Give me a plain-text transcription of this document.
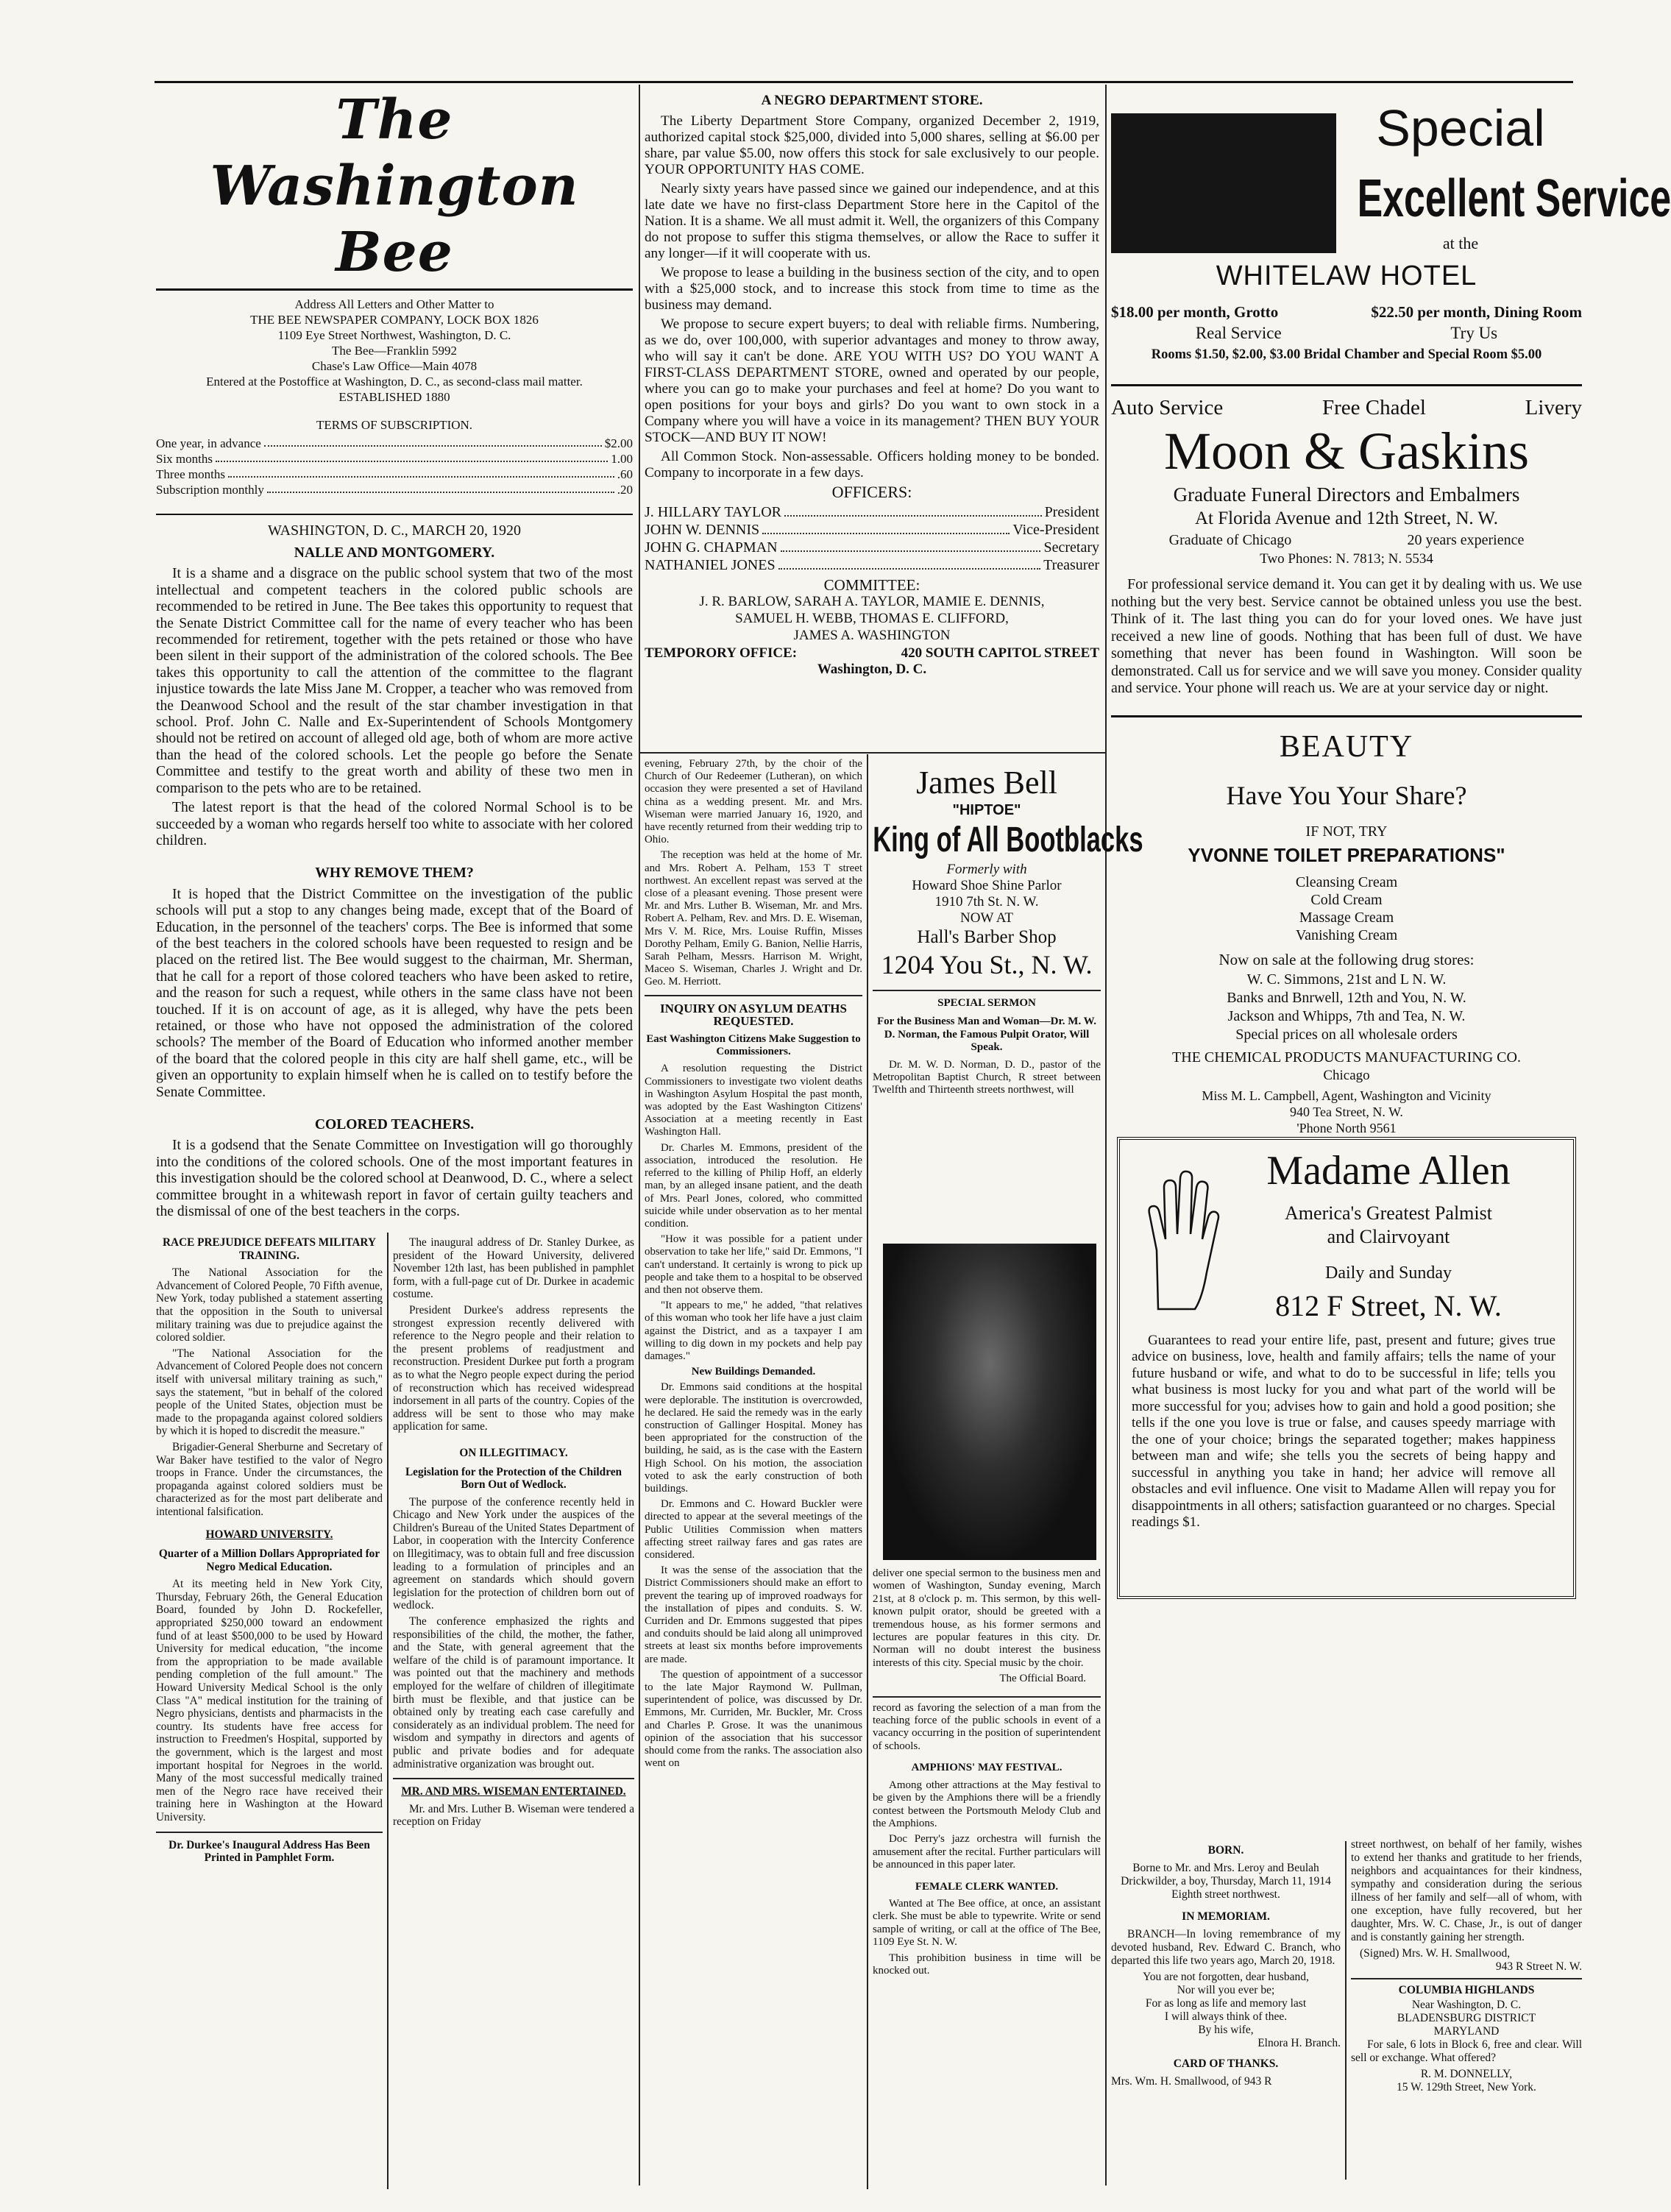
The Washington Bee
Address All Letters and Other Matter to
THE BEE NEWSPAPER COMPANY, LOCK BOX 1826
1109 Eye Street Northwest, Washington, D. C.
The Bee—Franklin 5992
Chase's Law Office—Main 4078
Entered at the Postoffice at Washington, D. C., as second-class mail matter.
ESTABLISHED 1880
TERMS OF SUBSCRIPTION.
One year, in advance	$2.00
Six months	1.00
Three months	.60
Subscription monthly	.20
WASHINGTON, D. C., MARCH 20, 1920
NALLE AND MONTGOMERY.

It is a shame and a disgrace on the public school system that two of the most intellectual and competent teachers in the colored public schools are recommended to be retired in June. The Bee takes this opportunity to request that the Senate District Committee call for the name of every teacher who has been recommended for retirement, together with the pets retained or those who have been silent in their support of the administration of the colored schools. The Bee takes this opportunity to call the attention of the committee to the flagrant injustice towards the late Miss Jane M. Cropper, a teacher who was removed from the Deanwood School and the result of the star chamber investigation in that school. Prof. John C. Nalle and Ex-Superintendent of Schools Montgomery should not be retired on account of alleged old age, both of whom are more active than the head of the colored schools. Let the people go before the Senate Committee and testify to the great worth and ability of these two men in comparison to the pets who are to be retained.

The latest report is that the head of the colored Normal School is to be succeeded by a woman who regards herself too white to associate with her colored children.

WHY REMOVE THEM?

It is hoped that the District Committee on the investigation of the public schools will put a stop to any changes being made, except that of the Board of Education, in the personnel of the teachers' corps. The Bee is informed that some of the best teachers in the colored schools have been requested to resign and be placed on the retired list. The Bee would suggest to the chairman, Mr. Sherman, that he call for a report of those colored teachers who have been asked to retire, and the reason for such a request, while others in the same class have not been touched. If it is on account of age, as it is alleged, why have the pets been retained, or those who have not opposed the administration of the colored schools? The member of the Board of Education who informed another member of the board that the colored people in this city are half shell game, etc., will be given an opportunity to explain himself when he is called on to testify before the Senate Committee.

COLORED TEACHERS.

It is a godsend that the Senate Committee on Investigation will go thoroughly into the conditions of the colored schools. One of the most important features in this investigation should be the colored school at Deanwood, D. C., where a select committee brought in a whitewash report in favor of certain guilty teachers and the dismissal of one of the best teachers in the corps.

RACE PREJUDICE DEFEATS MILITARY TRAINING.

The National Association for the Advancement of Colored People, 70 Fifth avenue, New York, today published a statement asserting that the opposition in the South to universal military training was due to prejudice against the colored soldier.

"The National Association for the Advancement of Colored People does not concern itself with universal military training as such," says the statement, "but in behalf of the colored people of the United States, objection must be made to the propaganda against colored soldiers by which it is hoped to discredit the measure."

Brigadier-General Sherburne and Secretary of War Baker have testified to the valor of Negro troops in France. Under the circumstances, the propaganda against colored soldiers must be characterized as for the most part deliberate and intentional falsification.

HOWARD UNIVERSITY.
Quarter of a Million Dollars Appropriated for Negro Medical Education.

At its meeting held in New York City, Thursday, February 26th, the General Education Board, founded by John D. Rockefeller, appropriated $250,000 toward an endowment fund of at least $500,000 to be used by Howard University for medical education, "the income from the appropriation to be made available pending completion of the full amount." The Howard University Medical School is the only Class "A" medical institution for the training of Negro physicians, dentists and pharmacists in the country. Its students have free access for instruction to Freedmen's Hospital, supported by the government, which is the largest and most important hospital for Negroes in the world. Many of the most successful medically trained men of the Negro race have received their training here in Washington at the Howard University.

Dr. Durkee's Inaugural Address Has Been Printed in Pamphlet Form.

The inaugural address of Dr. Stanley Durkee, as president of the Howard University, delivered November 12th last, has been published in pamphlet form, with a full-page cut of Dr. Durkee in academic costume.

President Durkee's address represents the strongest expression recently delivered with reference to the Negro people and their relation to the present problems of readjustment and reconstruction. President Durkee put forth a program as to what the Negro people expect during the period of reconstruction which has received widespread indorsement in all parts of the country. Copies of the address will be sent to those who may make application for same.

ON ILLEGITIMACY.
Legislation for the Protection of the Children Born Out of Wedlock.

The purpose of the conference recently held in Chicago and New York under the auspices of the Children's Bureau of the United States Department of Labor, in cooperation with the Intercity Conference on Illegitimacy, was to obtain full and free discussion leading to a formulation of principles and an agreement on standards which should govern legislation for the protection of children born out of wedlock.

The conference emphasized the rights and responsibilities of the child, the mother, the father, and the State, with general agreement that the welfare of the child is of paramount importance. It was pointed out that the machinery and methods employed for the welfare of children of illegitimate birth must be flexible, and that justice can be obtained only by treating each case carefully and considerately as an individual problem. The need for wisdom and sympathy in directors and agents of public and private bodies and for adequate administrative organization was brought out.

MR. AND MRS. WISEMAN ENTERTAINED.

Mr. and Mrs. Luther B. Wiseman were tendered a reception on Friday

A NEGRO DEPARTMENT STORE.

The Liberty Department Store Company, organized December 2, 1919, authorized capital stock $25,000, divided into 5,000 shares, selling at $6.00 per share, par value $5.00, now offers this stock for sale exclusively to our people. YOUR OPPORTUNITY HAS COME.

Nearly sixty years have passed since we gained our independence, and at this late date we have no first-class Department Store here in the Capitol of the Nation. It is a shame. We all must admit it. Well, the organizers of this Company do not propose to suffer this stigma themselves, or allow the Race to suffer it any longer—if it will cooperate with us.

We propose to lease a building in the business section of the city, and to open with a $25,000 stock, and to increase this stock from time to time as the business may demand.

We propose to secure expert buyers; to deal with reliable firms. Numbering, as we do, over 100,000, with superior advantages and money to throw away, who will say it can't be done. ARE YOU WITH US? DO YOU WANT A FIRST-CLASS DEPARTMENT STORE, owned and operated by our people, where you can go to make your purchases and feel at home? Do you want to open positions for your boys and girls? Do you want to own stock in a Company where you will have a voice in its management? THEN BUY YOUR STOCK—AND BUY IT NOW!

All Common Stock. Non-assessable. Officers holding money to be bonded. Company to incorporate in a few days.

OFFICERS:
J. HILLARY TAYLOR	President
JOHN W. DENNIS	Vice-President
JOHN G. CHAPMAN	Secretary
NATHANIEL JONES	Treasurer
COMMITTEE:
J. R. BARLOW, SARAH A. TAYLOR, MAMIE E. DENNIS,
SAMUEL H. WEBB, THOMAS E. CLIFFORD,
JAMES A. WASHINGTON
TEMPORORY OFFICE:	420 SOUTH CAPITOL STREET
Washington, D. C.

evening, February 27th, by the choir of the Church of Our Redeemer (Lutheran), on which occasion they were presented a set of Haviland china as a wedding present. Mr. and Mrs. Wiseman were married January 16, 1920, and have recently returned from their wedding trip to Ohio.

The reception was held at the home of Mr. and Mrs. Robert A. Pelham, 153 T street northwest. An excellent repast was served at the close of a pleasant evening. Those present were Mr. and Mrs. Luther B. Wiseman, Mr. and Mrs. Robert A. Pelham, Rev. and Mrs. D. E. Wiseman, Mrs V. M. Rice, Mrs. Louise Ruffin, Misses Dorothy Pelham, Emily G. Banion, Nellie Harris, Sarah Pelham, Messrs. Harrison M. Wright, Maceo S. Wiseman, Charles J. Wright and Dr. Geo. M. Herriott.

INQUIRY ON ASYLUM DEATHS REQUESTED.
East Washington Citizens Make Suggestion to Commissioners.

A resolution requesting the District Commissioners to investigate two violent deaths in Washington Asylum Hospital the past month, was adopted by the East Washington Citizens' Association at a meeting recently in East Washington Hall.

Dr. Charles M. Emmons, president of the association, introduced the resolution. He referred to the killing of Philip Hoff, an elderly man, by an alleged insane patient, and the death of Mrs. Pearl Jones, colored, who committed suicide while under observation as to her mental condition.

"How it was possible for a patient under observation to take her life," said Dr. Emmons, "I can't understand. It certainly is wrong to pick up people and take them to a hospital to be observed and then not observe them.

"It appears to me," he added, "that relatives of this woman who took her life have a just claim against the District, and as a taxpayer I am willing to dig down in my pockets and help pay damages."

New Buildings Demanded.

Dr. Emmons said conditions at the hospital were deplorable. The institution is overcrowded, he declared. He said the remedy was in the early construction of Gallinger Hospital. Money has been appropriated for the construction of the building, he said, as is the case with the Eastern High School. On his motion, the association voted to ask the early construction of both buildings.

Dr. Emmons and C. Howard Buckler were directed to appear at the several meetings of the Public Utilities Commission when matters affecting street railway fares and gas rates are considered.

It was the sense of the association that the District Commissioners should make an effort to prevent the tearing up of improved roadways for the installation of pipes and conduits. S. W. Curriden and Dr. Emmons suggested that pipes and conduits should be laid along all unimproved streets at least six months before improvements are made.

The question of appointment of a successor to the late Major Raymond W. Pullman, superintendent of police, was discussed by Dr. Emmons, Mr. Curriden, Mr. Buckler, Mr. Cross and Charles P. Grose. It was the unanimous opinion of the association that his successor should come from the ranks. The association also went on

James Bell
"HIPTOE"
King of All Bootblacks
Formerly with
Howard Shoe Shine Parlor
1910 7th St. N. W.
NOW AT
Hall's Barber Shop
1204 You St., N. W.
SPECIAL SERMON
For the Business Man and Woman—Dr. M. W. D. Norman, the Famous Pulpit Orator, Will Speak.

Dr. M. W. D. Norman, D. D., pastor of the Metropolitan Baptist Church, R street between Twelfth and Thirteenth streets northwest, will

deliver one special sermon to the business men and women of Washington, Sunday evening, March 21st, at 8 o'clock p. m. This sermon, by this well-known pulpit orator, should be greeted with a tremendous house, as his former sermons and lectures are popular features in this city. Dr. Norman will no doubt interest the business interests of this city. Special music by the choir.

The Official Board.

record as favoring the selection of a man from the teaching force of the public schools in event of a vacancy occurring in the position of superintendent of schools.

AMPHIONS' MAY FESTIVAL.

Among other attractions at the May festival to be given by the Amphions there will be a friendly contest between the Portsmouth Melody Club and the Amphions.

Doc Perry's jazz orchestra will furnish the amusement after the recital. Further particulars will be announced in this paper later.

FEMALE CLERK WANTED.

Wanted at The Bee office, at once, an assistant clerk. She must be able to typewrite. Write or send sample of writing, or call at the office of The Bee, 1109 Eye St. N. W.

This prohibition business in time will be knocked out.

Special
Excellent Service
at the
WHITELAW HOTEL
$18.00 per month, Grotto	$22.50 per month, Dining Room
Real Service	Try Us
Rooms $1.50, $2.00, $3.00 Bridal Chamber and Special Room $5.00
Auto Service	Free Chadel	Livery
Moon & Gaskins
Graduate Funeral Directors and Embalmers
At Florida Avenue and 12th Street, N. W.
Graduate of Chicago	20 years experience
Two Phones: N. 7813; N. 5534

For professional service demand it. You can get it by dealing with us. We use nothing but the very best. Service cannot be obtained unless you use the best. Think of it. The last thing you can do for your loved ones. We have just received a new line of goods. Nothing that has been full of dust. We have something that never has been found in Washington. Will soon be demonstrated. Call us for service and we will save you money. Consider quality and service. Your phone will reach us. We are at your service day or night.

BEAUTY
Have You Your Share?
IF NOT, TRY
YVONNE TOILET PREPARATIONS"
Cleansing Cream
Cold Cream
Massage Cream
Vanishing Cream
Now on sale at the following drug stores:
W. C. Simmons, 21st and L N. W.
Banks and Bnrwell, 12th and You, N. W.
Jackson and Whipps, 7th and Tea, N. W.
Special prices on all wholesale orders
THE CHEMICAL PRODUCTS MANUFACTURING CO.
Chicago
Miss M. L. Campbell, Agent, Washington and Vicinity
940 Tea Street, N. W.
'Phone North 9561
Madame Allen
America's Greatest Palmist
and Clairvoyant
Daily and Sunday
812 F Street, N. W.

Guarantees to read your entire life, past, present and future; gives true advice on business, love, health and family affairs; tells the name of your future husband or wife, and what to do to be successful in life; tells you what business is most lucky for you and what part of the world will be more successful for you; advises how to gain and hold a good position; she tells if the one you love is true or false, and causes speedy marriage with the one of your choice; brings the separated together; makes happiness between man and wife; she tells you the secrets of being happy and successful in anything you take in hand; her advice will remove all obstacles and evil influence. One visit to Madame Allen will repay you for disappointments in all others; satisfaction guaranteed or no charges. Special readings $1.

BORN.

Borne to Mr. and Mrs. Leroy and Beulah Drickwilder, a boy, Thursday, March 11, 1914 Eighth street northwest.

IN MEMORIAM.

BRANCH—In loving remembrance of my devoted husband, Rev. Edward C. Branch, who departed this life two years ago, March 20, 1918.

You are not forgotten, dear husband,
Nor will you ever be;
For as long as life and memory last
I will always think of thee.
By his wife,
Elnora H. Branch.
CARD OF THANKS.

Mrs. Wm. H. Smallwood, of 943 R

street northwest, on behalf of her family, wishes to extend her thanks and gratitude to her friends, neighbors and acquaintances for their kindness, sympathy and consideration during the serious illness of her family and self—all of whom, with one exception, have fully recovered, but her daughter, Mrs. W. C. Chase, Jr., is out of danger and is constantly gaining her strength.

(Signed) Mrs. W. H. Smallwood,
943 R Street N. W.
COLUMBIA HIGHLANDS
Near Washington, D. C.
BLADENSBURG DISTRICT
MARYLAND

For sale, 6 lots in Block 6, free and clear. Will sell or exchange. What offered?

R. M. DONNELLY,
15 W. 129th Street, New York.
